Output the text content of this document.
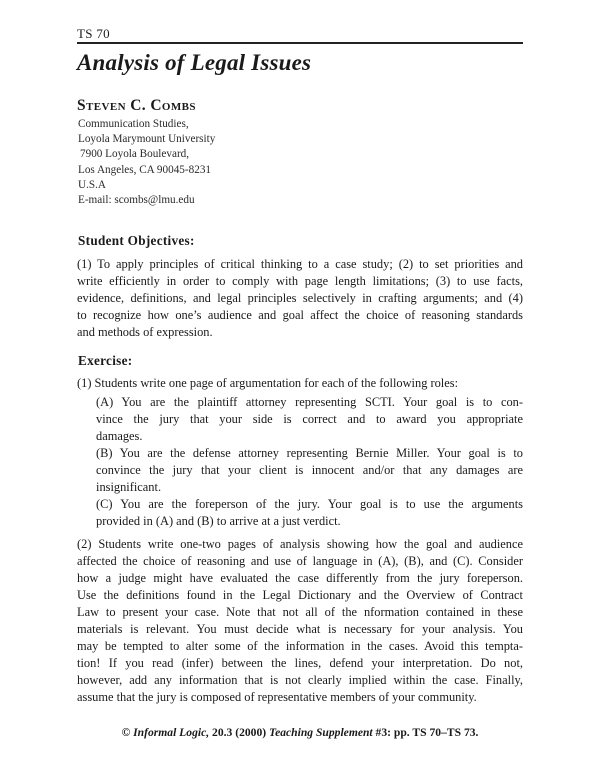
TS 70
Analysis of Legal Issues
Steven C. Combs
Communication Studies,
Loyola Marymount University
7900 Loyola Boulevard,
Los Angeles, CA 90045-8231
U.S.A
E-mail: scombs@lmu.edu
Student Objectives:
(1) To apply principles of critical thinking to a case study; (2) to set priorities and
write efficiently in order to comply with page length limitations; (3) to use facts,
evidence, definitions, and legal principles selectively in crafting arguments; and (4)
to recognize how one’s audience and goal affect the choice of reasoning standards
and methods of expression.
Exercise:
(1) Students write one page of argumentation for each of the following roles:
(A) You are the plaintiff attorney representing SCTI. Your goal is to con-
vince the jury that your side is correct and to award you appropriate
damages.
(B) You are the defense attorney representing Bernie Miller. Your goal is to
convince the jury that your client is innocent and/or that any damages are
insignificant.
(C) You are the foreperson of the jury. Your goal is to use the arguments
provided in (A) and (B) to arrive at a just verdict.
(2) Students write one-two pages of analysis showing how the goal and audience
affected the choice of reasoning and use of language in (A), (B), and (C). Consider
how a judge might have evaluated the case differently from the jury foreperson.
Use the definitions found in the Legal Dictionary and the Overview of Contract
Law to present your case. Note that not all of the nformation contained in these
materials is relevant. You must decide what is necessary for your analysis. You
may be tempted to alter some of the information in the cases. Avoid this tempta-
tion! If you read (infer) between the lines, defend your interpretation. Do not,
however, add any information that is not clearly implied within the case. Finally,
assume that the jury is composed of representative members of your community.
© Informal Logic, 20.3 (2000) Teaching Supplement #3: pp. TS 70–TS 73.
